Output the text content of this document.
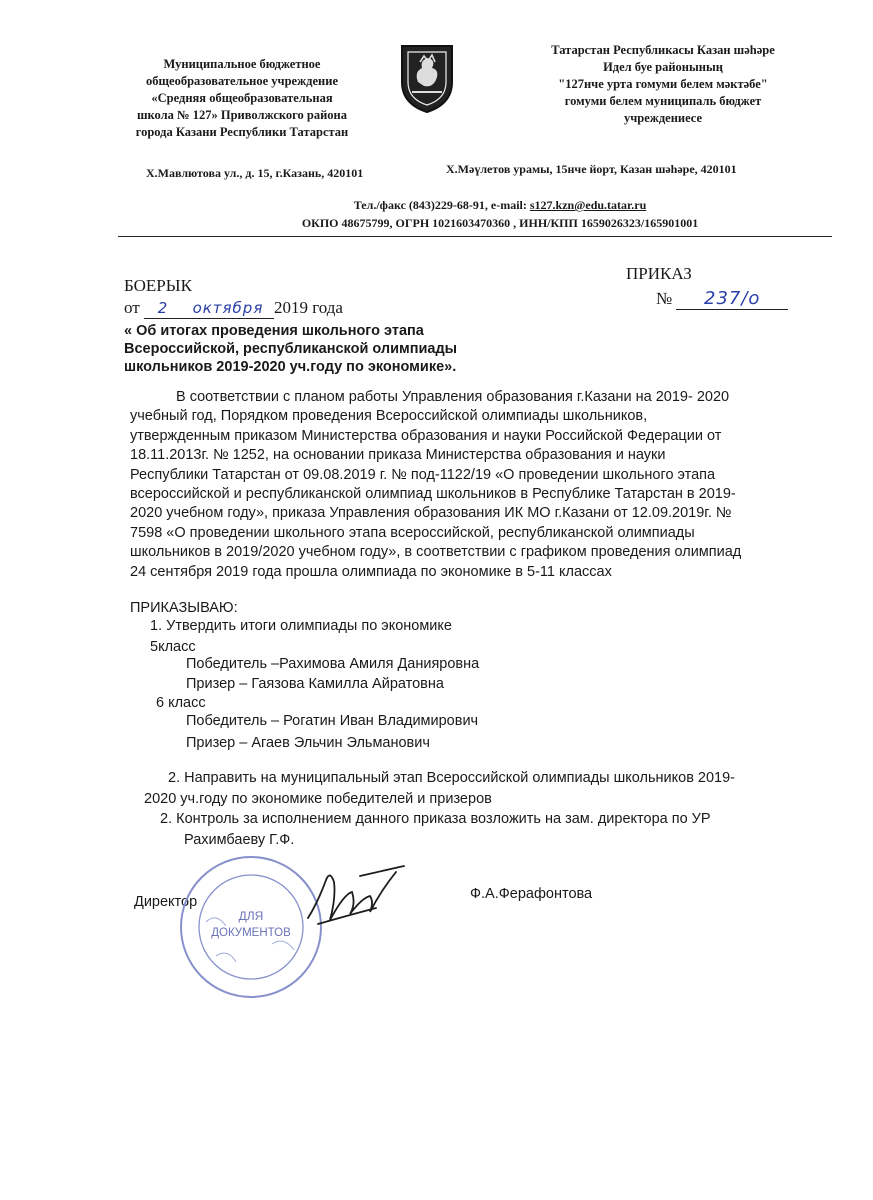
Муниципальное бюджетное
общеобразовательное учреждение
«Средняя общеобразовательная
школа № 127» Приволжского района
города Казани Республики Татарстан
Татарстан Республикасы Казан шәһәре
Идел буе районының
"127нче урта гомуми белем мәктәбе"
гомуми белем муниципаль бюджет
учреждениесе
Х.Мавлютова ул., д. 15, г.Казань, 420101	Х.Мәүлетов урамы, 15нче йорт, Казан шәһәре, 420101
Тел./факс (843)229-68-91, e-mail: s127.kzn@edu.tatar.ru
ОКПО 48675799, ОГРН 1021603470360 , ИНН/КПП 1659026323/165901001
БОЕРЫК
ПРИКАЗ
от 2 октября 2019 года	№ 237/о
« Об итогах проведения школьного этапа
Всероссийской, республиканской олимпиады
школьников 2019-2020 уч.году по экономике».
В соответствии с планом работы Управления образования г.Казани на 2019- 2020
учебный год, Порядком проведения Всероссийской олимпиады школьников,
утвержденным приказом Министерства образования и науки Российской Федерации от
18.11.2013г. № 1252, на основании приказа Министерства образования и науки
Республики Татарстан от 09.08.2019 г. № под-1122/19 «О проведении школьного этапа
всероссийской и республиканской олимпиад школьников в Республике Татарстан в 2019-
2020 учебном году», приказа Управления образования ИК МО г.Казани от 12.09.2019г. №
7598 «О проведении школьного этапа всероссийской, республиканской олимпиады
школьников в 2019/2020 учебном году», в соответствии с графиком проведения олимпиад
24 сентября 2019 года прошла олимпиада по экономике в 5-11 классах
ПРИКАЗЫВАЮ:
1. Утвердить итоги олимпиады по экономике
5класс
Победитель –Рахимова Амиля Данияровна
Призер – Гаязова Камилла Айратовна
6 класс
Победитель – Рогатин Иван Владимирович
Призер – Агаев Эльчин Эльманович
2. Направить на муниципальный этап Всероссийской олимпиады школьников 2019-
2020 уч.году по экономике победителей и призеров
2. Контроль за исполнением данного приказа возложить на зам. директора по УР
Рахимбаеву Г.Ф.
Директор	Ф.А.Ферафонтова
ДЛЯ
ДОКУМЕНТОВ
